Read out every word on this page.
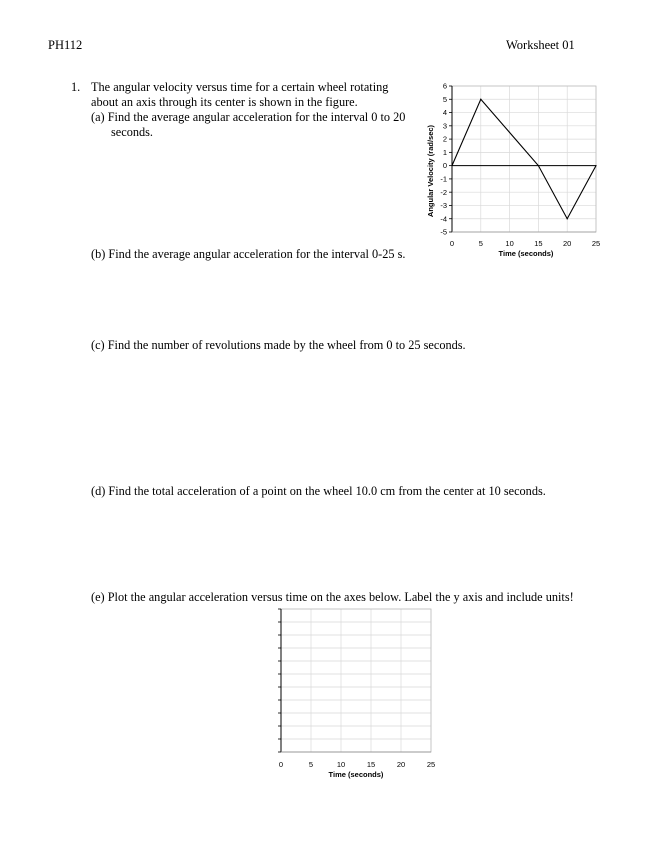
PH112	Worksheet 01
1. The angular velocity versus time for a certain wheel rotating
about an axis through its center is shown in the figure.
(a) Find the average angular acceleration for the interval 0 to 20
seconds.
(b) Find the average angular acceleration for the interval 0-25 s.
(c) Find the number of revolutions made by the wheel from 0 to 25 seconds.
(d) Find the total acceleration of a point on the wheel 10.0 cm from the center at 10 seconds.
(e) Plot the angular acceleration versus time on the axes below. Label the y axis and include units!
6
5
4
3
2
1
0
-1
-2
-3
-4
-5
0	5	10	15	20	25
Time (seconds)
Angular Velocity (rad/sec)
0	5	10	15	20	25
Time (seconds)
